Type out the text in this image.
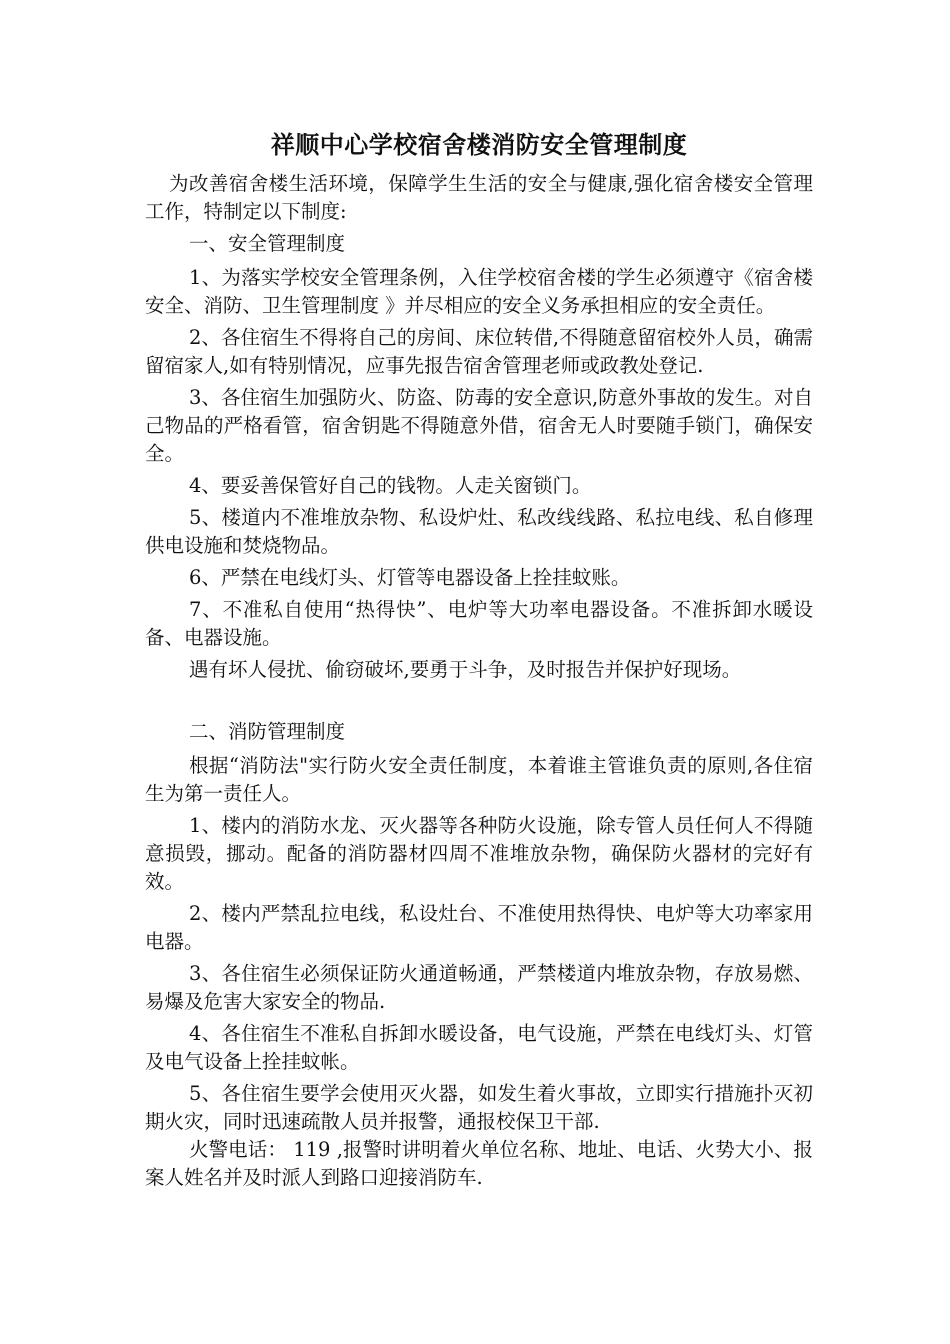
祥顺中心学校宿舍楼消防安全管理制度

为改善宿舍楼生活环境，保障学生生活的安全与健康,强化宿舍楼安全管理工作，特制定以下制度:

一、安全管理制度

1、为落实学校安全管理条例，入住学校宿舍楼的学生必须遵守《宿舍楼安全、消防、卫生管理制度 》并尽相应的安全义务承担相应的安全责任。

2、各住宿生不得将自己的房间、床位转借,不得随意留宿校外人员，确需留宿家人,如有特别情况，应事先报告宿舍管理老师或政教处登记.

3、各住宿生加强防火、防盗、防毒的安全意识,防意外事故的发生。对自己物品的严格看管，宿舍钥匙不得随意外借，宿舍无人时要随手锁门，确保安全。

4、要妥善保管好自己的钱物。人走关窗锁门。

5、楼道内不准堆放杂物、私设炉灶、私改线线路、私拉电线、私自修理供电设施和焚烧物品。

6、严禁在电线灯头、灯管等电器设备上拴挂蚊账。

7、不准私自使用“热得快”、电炉等大功率电器设备。不准拆卸水暖设备、电器设施。

遇有坏人侵扰、偷窃破坏,要勇于斗争，及时报告并保护好现场。

二、消防管理制度

根据“消防法"实行防火安全责任制度，本着谁主管谁负责的原则,各住宿生为第一责任人。

1、楼内的消防水龙、灭火器等各种防火设施，除专管人员任何人不得随意损毁，挪动。配备的消防器材四周不准堆放杂物，确保防火器材的完好有效。

2、楼内严禁乱拉电线，私设灶台、不准使用热得快、电炉等大功率家用电器。

3、各住宿生必须保证防火通道畅通，严禁楼道内堆放杂物，存放易燃、易爆及危害大家安全的物品.

4、各住宿生不准私自拆卸水暖设备，电气设施，严禁在电线灯头、灯管及电气设备上拴挂蚊帐。

5、各住宿生要学会使用灭火器，如发生着火事故，立即实行措施扑灭初期火灾，同时迅速疏散人员并报警，通报校保卫干部.

火警电话： 119 ,报警时讲明着火单位名称、地址、电话、火势大小、报案人姓名并及时派人到路口迎接消防车.
